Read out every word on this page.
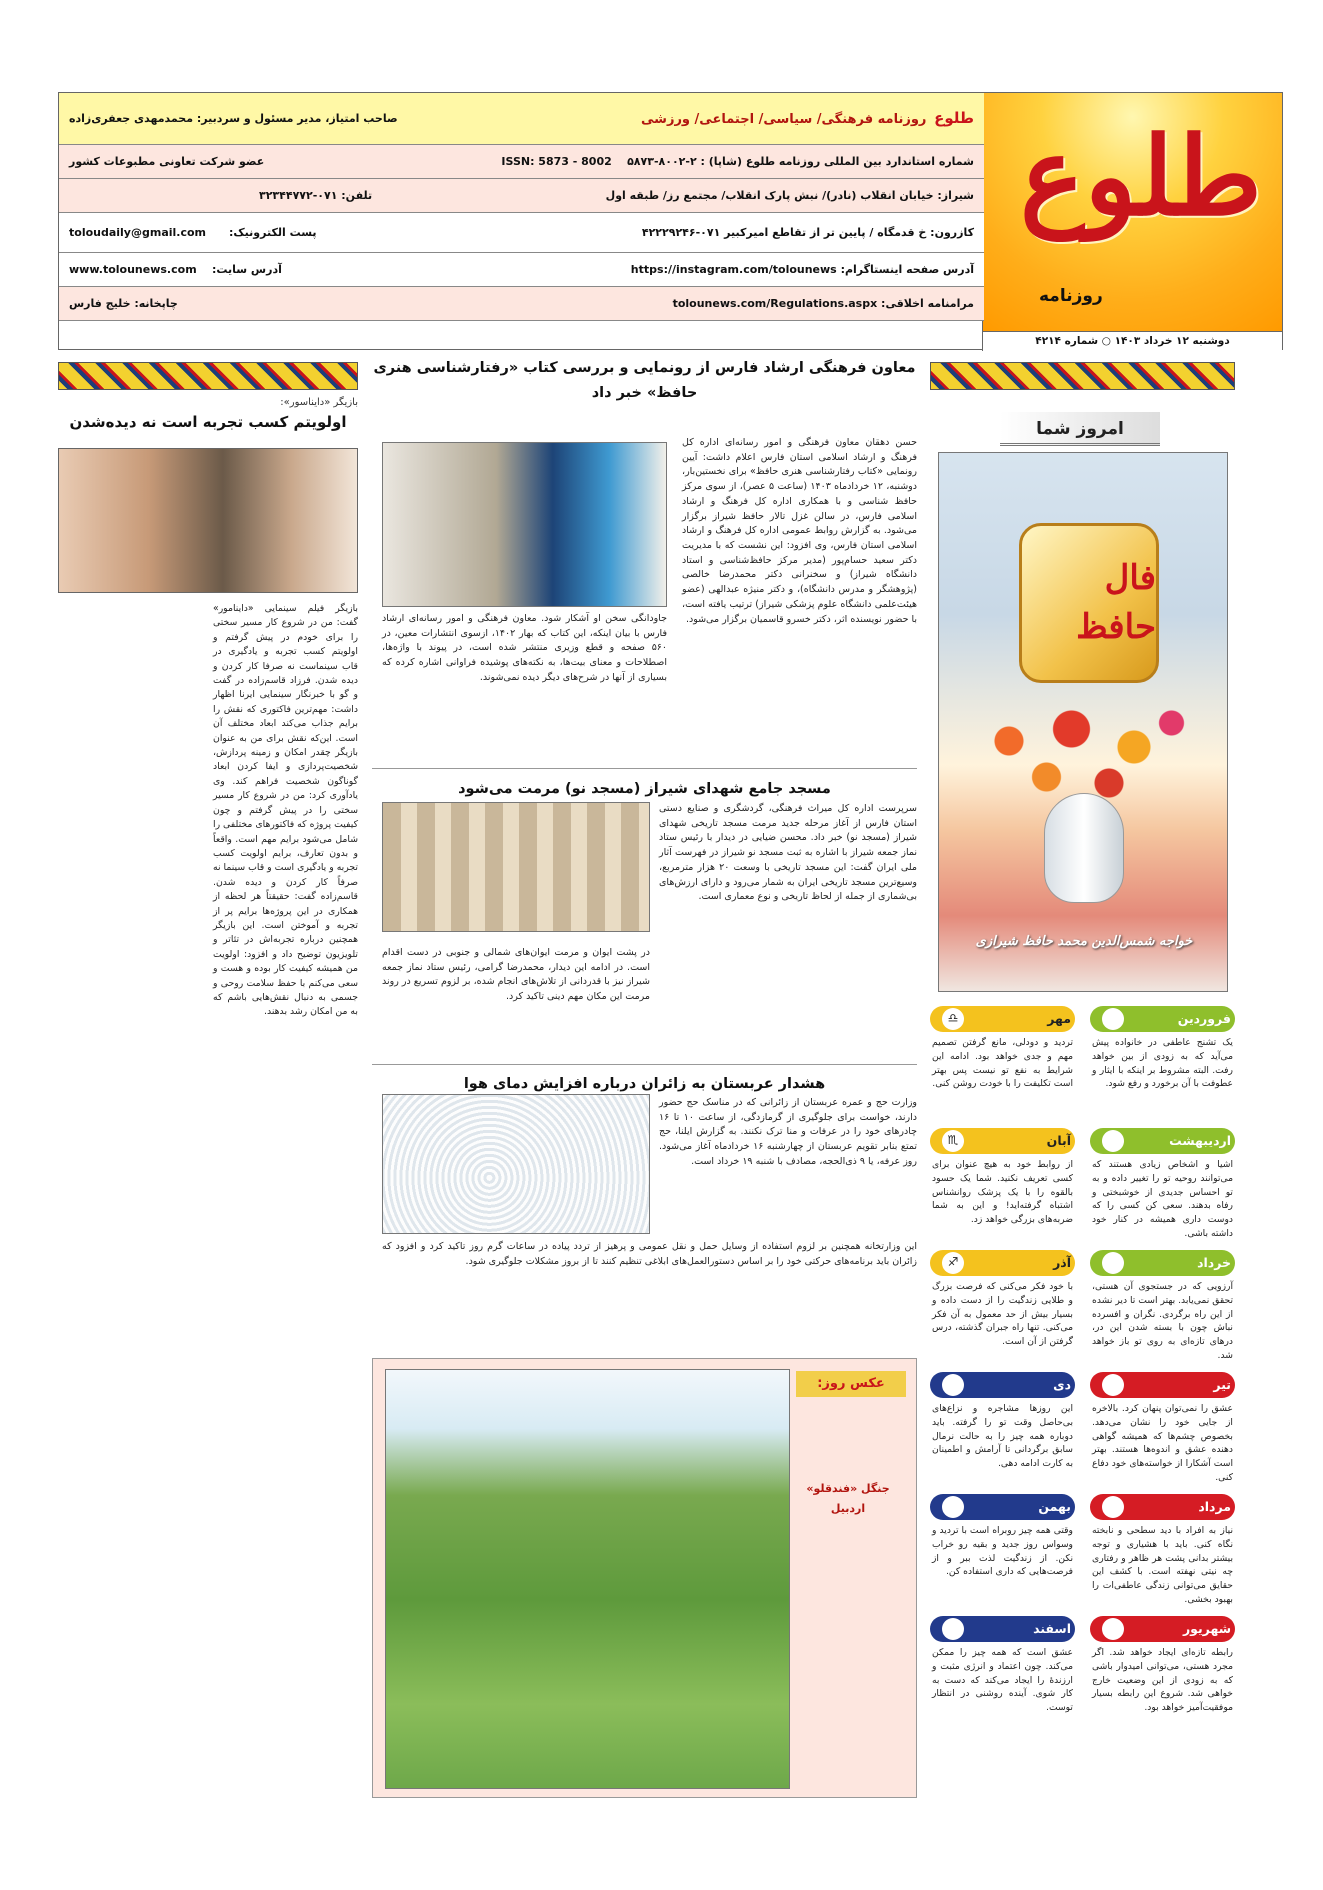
طلوع
روزنامه
دوشنبه ۱۲ خرداد ۱۴۰۳ ○ شماره ۴۲۱۴
طلوع  روزنامه فرهنگی/ سیاسی/ اجتماعی/ ورزشی
صاحب امتیاز، مدیر مسئول و سردبیر: محمدمهدی جعفری‌زاده
شماره استاندارد بین المللی روزنامه طلوع (شاپا) : ۲-۸۰۰۲-۵۸۷۳    ISSN: 5873 - 8002
عضو شرکت تعاونی مطبوعات کشور
شیراز: خیابان انقلاب (نادر)/ نبش پارک انقلاب/ مجتمع رز/ طبقه اول
تلفن: ۰۷۱-۳۲۳۴۴۷۷۲
کازرون: خ قدمگاه / پایین تر از تقاطع امیرکبیر ۰۷۱-۴۲۲۲۹۲۴۶
پست الکترونیک:      toloudaily@gmail.com
آدرس صفحه اینستاگرام: https://instagram.com/tolounews
آدرس سایت:    www.tolounews.com
مرامنامه اخلاقی: tolounews.com/Regulations.aspx
چاپخانه: خلیج فارس
امروز شما
فال حافظ
خواجه شمس‌الدین محمد حافظ شیرازی
فروردین
♈
یک تشنج عاطفی در خانواده پیش می‌آید که به زودی از بین خواهد رفت. البته مشروط بر اینکه با ایثار و عطوفت با آن برخورد و رفع شود.
مهر
♎
تردید و دودلی، مانع گرفتن تصمیم مهم و جدی خواهد بود. ادامه این شرایط به نفع تو نیست پس بهتر است تکلیفت را با خودت روشن کنی.
اردیبهشت
♉
اشیا و اشخاص زیادی هستند که می‌توانند روحیه تو را تغییر داده و به تو احساس جدیدی از خوشبختی و رفاه بدهند. سعی کن کسی را که دوست داری همیشه در کنار خود داشته باشی.
آبان
♏
از روابط خود به هیچ عنوان برای کسی تعریف نکنید. شما یک حسود بالقوه را با یک پزشک روانشناس اشتباه گرفته‌اید! و این به شما ضربه‌های بزرگی خواهد زد.
خرداد
♊
آرزویی که در جستجوی آن هستی، تحقق نمی‌یابد. بهتر است تا دیر نشده از این راه برگردی. نگران و افسرده نباش چون با بسته شدن این در، درهای تازه‌ای به روی تو باز خواهد شد.
آذر
♐
با خود فکر می‌کنی که فرصت بزرگ و طلایی زندگیت را از دست داده و بسیار بیش از حد معمول به آن فکر می‌کنی. تنها راه جبران گذشته، درس گرفتن از آن است.
تیر
♋
عشق را نمی‌توان پنهان کرد. بالاخره از جایی خود را نشان می‌دهد. بخصوص چشم‌ها که همیشه گواهی دهنده عشق و اندوه‌ها هستند. بهتر است آشکارا از خواسته‌های خود دفاع کنی.
دی
♑
این روزها مشاجره و نزاع‌های بی‌حاصل وقت تو را گرفته. باید دوباره همه چیز را به حالت نرمال سابق برگردانی تا آرامش و اطمینان به کارت ادامه دهی.
مرداد
♌
نیاز به افراد با دید سطحی و نابخته نگاه کنی. باید با هشیاری و توجه بیشتر بدانی پشت هر ظاهر و رفتاری چه نیتی نهفته است. با کشف این حقایق می‌توانی زندگی عاطفی‌ات را بهبود بخشی.
بهمن
♒
وقتی همه چیز روبراه است با تردید و وسواس روز جدید و بقیه رو خراب نکن. از زندگیت لذت ببر و از فرصت‌هایی که داری استفاده کن.
شهریور
♍
رابطه تازه‌ای ایجاد خواهد شد. اگر مجرد هستی، می‌توانی امیدوار باشی که به زودی از این وضعیت خارج خواهی شد. شروع این رابطه بسیار موفقیت‌آمیز خواهد بود.
اسفند
♓
عشق است که همه چیز را ممکن می‌کند. چون اعتماد و انرژی مثبت و ارزندهٔ را ایجاد می‌کند که دست به کار شوی. آینده روشنی در انتظار توست.
معاون فرهنگی ارشاد فارس از رونمایی و بررسی کتاب «رفتارشناسی هنری حافظ» خبر داد
حسن دهقان معاون فرهنگی و امور رسانه‌ای اداره کل فرهنگ و ارشاد اسلامی استان فارس اعلام داشت: آیین رونمایی «کتاب رفتارشناسی هنری حافظ» برای نخستین‌بار، دوشنبه، ۱۲ خردادماه ۱۴۰۳ (ساعت ۵ عصر)، از سوی مرکز حافظ شناسی و با همکاری اداره کل فرهنگ و ارشاد اسلامی فارس، در سالن غزل تالار حافظ شیراز برگزار می‌شود. به گزارش روابط عمومی اداره کل فرهنگ و ارشاد اسلامی استان فارس، وی افزود: این نشست که با مدیریت دکتر سعید حسام‌پور (مدیر مرکز حافظ‌شناسی و استاد دانشگاه شیراز) و سخنرانی دکتر محمدرضا خالصی (پژوهشگر و مدرس دانشگاه)، و دکتر منیژه عبدالهی (عضو هیئت‌علمی دانشگاه علوم پزشکی شیراز) ترتیب یافته است، با حضور نویسنده اثر، دکتر خسرو قاسمیان برگزار می‌شود.
جاودانگی سخن او آشکار شود. معاون فرهنگی و امور رسانه‌ای ارشاد فارس با بیان اینکه، این کتاب که بهار ۱۴۰۲، ازسوی انتشارات معین، در ۵۶۰ صفحه و قطع وزیری منتشر شده است، در پیوند با واژه‌ها، اصطلاحات و معنای بیت‌ها، به نکته‌های پوشیده فراوانی اشاره کرده که بسیاری از آنها در شرح‌های دیگر دیده نمی‌شوند.
مسجد جامع شهدای شیراز (مسجد نو) مرمت می‌شود
سرپرست اداره کل میراث فرهنگی، گردشگری و صنایع دستی استان فارس از آغاز مرحله جدید مرمت مسجد تاریخی شهدای شیراز (مسجد نو) خبر داد. محسن ضیایی در دیدار با رئیس ستاد نماز جمعه شیراز با اشاره به ثبت مسجد نو شیراز در فهرست آثار ملی ایران گفت: این مسجد تاریخی با وسعت ۲۰ هزار مترمربع، وسیع‌ترین مسجد تاریخی ایران به شمار می‌رود و دارای ارزش‌های بی‌شماری از جمله از لحاظ تاریخی و نوع معماری است.
در پشت ایوان و مرمت ایوان‌های شمالی و جنوبی در دست اقدام است. در ادامه این دیدار، محمدرضا گرامی، رئیس ستاد نماز جمعه شیراز نیز با قدردانی از تلاش‌های انجام شده، بر لزوم تسریع در روند مرمت این مکان مهم دینی تاکید کرد.
هشدار عربستان به زائران درباره افزایش دمای هوا
وزارت حج و عمره عربستان از زائرانی که در مناسک حج حضور دارند، خواست برای جلوگیری از گرمازدگی، از ساعت ۱۰ تا ۱۶ چادرهای خود را در عرفات و منا ترک نکنند. به گزارش ایلنا، حج تمتع بنابر تقویم عربستان از چهارشنبه ۱۶ خردادماه آغاز می‌شود. روز عرفه، یا ۹ ذی‌الحجه، مصادف با شنبه ۱۹ خرداد است.
این وزارتخانه همچنین بر لزوم استفاده از وسایل حمل و نقل عمومی و پرهیز از تردد پیاده در ساعات گرم روز تاکید کرد و افزود که زائران باید برنامه‌های حرکتی خود را بر اساس دستورالعمل‌های ابلاغی تنظیم کنند تا از بروز مشکلات جلوگیری شود.
عکس روز:
جنگل «فندقلو» اردبیل
بازیگر «دایناسور»:
اولویتم کسب تجربه است نه دیده‌شدن
بازیگر فیلم سینمایی «داینامور» گفت: من در شروع کار مسیر سختی را برای خودم در پیش گرفتم و اولویتم کسب تجربه و یادگیری در قاب سینماست نه صرفا کار کردن و دیده شدن. فرزاد قاسم‌زاده در گفت و گو با خبرنگار سینمایی ایرنا اظهار داشت: مهم‌ترین فاکتوری که نقش را برایم جذاب می‌کند ابعاد مختلف آن است. این‌که نقش برای من به عنوان بازیگر چقدر امکان و زمینه پردازش، شخصیت‌پردازی و ایفا کردن ابعاد گوناگون شخصیت فراهم کند. وی یادآوری کرد: من در شروع کار مسیر سختی را در پیش گرفتم و چون کیفیت پروژه که فاکتورهای مختلفی را شامل می‌شود برایم مهم است. واقعاً و بدون تعارف، برایم اولویت کسب تجربه و یادگیری است و قاب سینما نه صرفاً کار کردن و دیده شدن. قاسم‌زاده گفت: حقیقتاً هر لحظه از همکاری در این پروژه‌ها برایم پر از تجربه و آموختن است. این بازیگر همچنین درباره تجربه‌اش در تئاتر و تلویزیون توضیح داد و افزود: اولویت من همیشه کیفیت کار بوده و هست و سعی می‌کنم با حفظ سلامت روحی و جسمی به دنبال نقش‌هایی باشم که به من امکان رشد بدهند.
